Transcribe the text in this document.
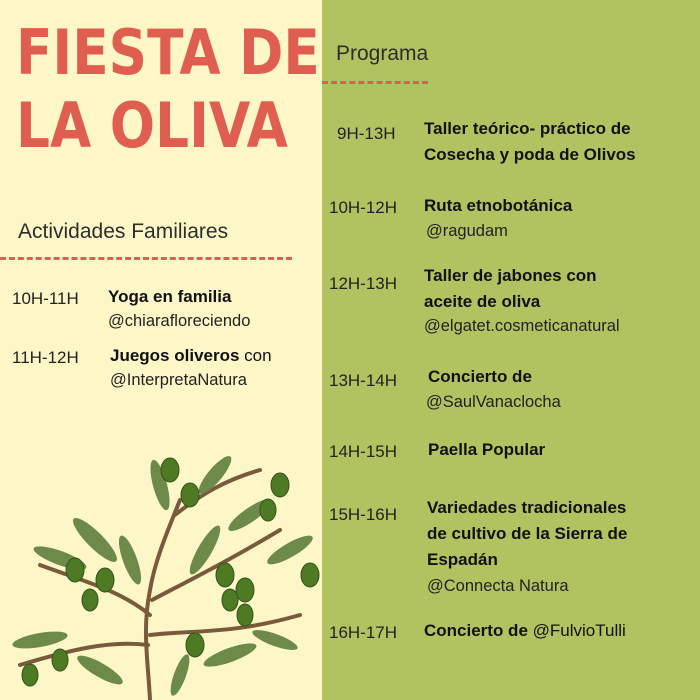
FIESTA DE
LA OLIVA
Actividades Familiares
10H-11H Yoga en familia
@chiarafloreciendo
11H-12H Juegos oliveros con
@InterpretaNatura
Programa
9H-13H Taller teórico- práctico de
Cosecha y poda de Olivos
10H-12H Ruta etnobotánica
@ragudam
12H-13H Taller de jabones con
aceite de oliva
@elgatet.cosmeticanatural
13H-14H Concierto de
@SaulVanaclocha
14H-15H Paella Popular
15H-16H Variedades tradicionales
de cultivo de la Sierra de
Espadán
@Connecta Natura
16H-17H Concierto de @FulvioTulli
